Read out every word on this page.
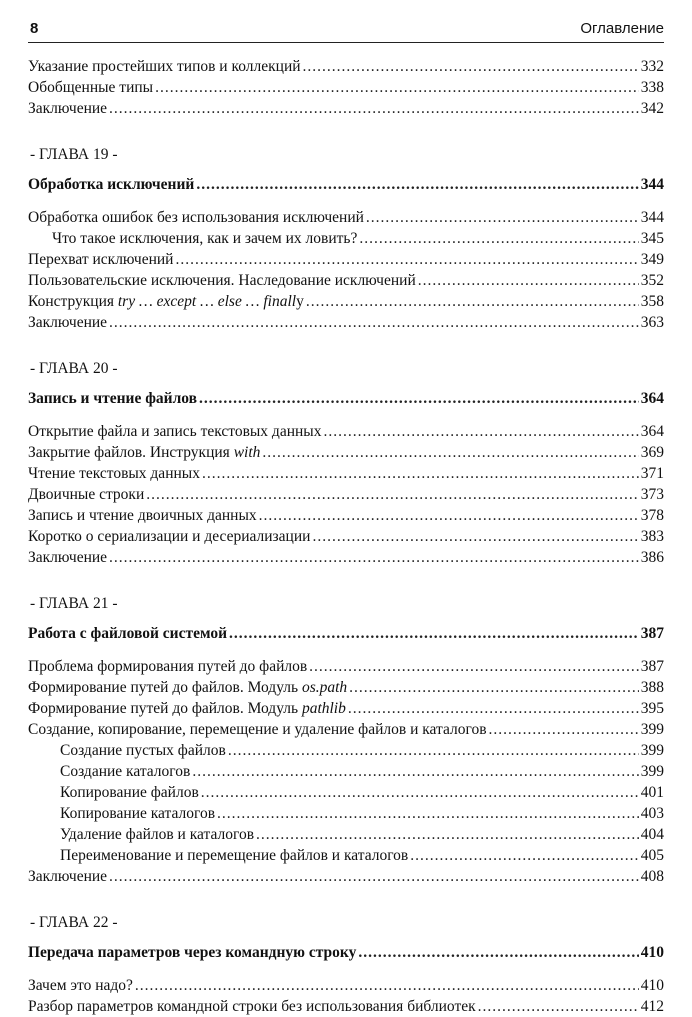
8	Оглавление
Указание простейших типов и коллекций .....	332
Обобщенные типы .....	338
Заключение .....	342
- ГЛАВА 19 -
Обработка исключений .....	344
Обработка ошибок без использования исключений .....	344
Что такое исключения, как и зачем их ловить? .....	345
Перехват исключений .....	349
Пользовательские исключения. Наследование исключений .....	352
Конструкция try … except … else … finally .....	358
Заключение .....	363
- ГЛАВА 20 -
Запись и чтение файлов .....	364
Открытие файла и запись текстовых данных .....	364
Закрытие файлов. Инструкция with .....	369
Чтение текстовых данных .....	371
Двоичные строки .....	373
Запись и чтение двоичных данных .....	378
Коротко о сериализации и десериализации .....	383
Заключение .....	386
- ГЛАВА 21 -
Работа с файловой системой .....	387
Проблема формирования путей до файлов .....	387
Формирование путей до файлов. Модуль os.path .....	388
Формирование путей до файлов. Модуль pathlib .....	395
Создание, копирование, перемещение и удаление файлов и каталогов .....	399
Создание пустых файлов .....	399
Создание каталогов .....	399
Копирование файлов .....	401
Копирование каталогов .....	403
Удаление файлов и каталогов .....	404
Переименование и перемещение файлов и каталогов .....	405
Заключение .....	408
- ГЛАВА 22 -
Передача параметров через командную строку .....	410
Зачем это надо? .....	410
Разбор параметров командной строки без использования библиотек .....	412
